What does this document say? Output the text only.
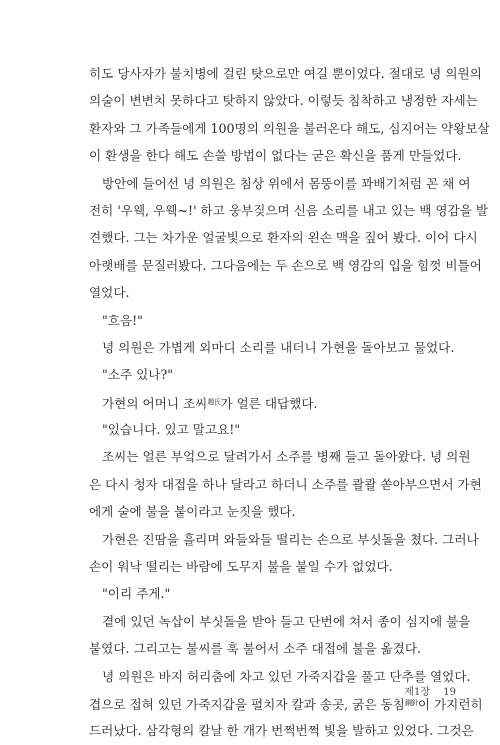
히도 당사자가 불치병에 걸린 탓으로만 여길 뿐이었다. 절대로 녕 의원의
의술이 변변치 못하다고 탓하지 않았다. 이렇듯 침착하고 냉정한 자세는
환자와 그 가족들에게 100명의 의원을 불러온다 해도, 심지어는 약왕보살
이 환생을 한다 해도 손쓸 방법이 없다는 굳은 확신을 품게 만들었다.
방안에 들어선 녕 의원은 침상 위에서 몸뚱이를 꽈배기처럼 꼰 채 여
전히 '우웩, 우웩~!' 하고 웅부짖으며 신음 소리를 내고 있는 백 영감을 발
견했다. 그는 차가운 얼굴빛으로 환자의 왼손 맥을 짚어 봤다. 이어 다시
아랫배를 문질러봤다. 그다음에는 두 손으로 백 영감의 입을 힘껏 비틀어
열었다.
"흐음!"
녕 의원은 가볍게 외마디 소리를 내더니 가현을 돌아보고 물었다.
"소주 있나?"
가현의 어머니 조씨$^{趙氏}$가 얼른 대답했다.
"있습니다. 있고 말고요!"
조씨는 얼른 부엌으로 달려가서 소주를 병째 들고 돌아왔다. 녕 의원
은 다시 청자 대접을 하나 달라고 하더니 소주를 콸콸 쏟아부으면서 가현
에게 술에 불을 붙이라고 눈짓을 했다.
가현은 진땀을 흘리며 와들와들 떨리는 손으로 부싯돌을 쳤다. 그러나
손이 워낙 떨리는 바람에 도무지 불을 붙일 수가 없었다.
"이리 주게."
곁에 있던 녹삽이 부싯돌을 받아 들고 단번에 쳐서 종이 심지에 불을
붙였다. 그리고는 불씨를 훅 불어서 소주 대접에 불을 옮겼다.
녕 의원은 바지 허리춤에 차고 있던 가죽지갑을 풀고 단추를 열었다.
겹으로 접혀 있던 가죽지갑을 펼치자 칼과 송곳, 굵은 동침$^{銅針}$이 가지런히
드러났다. 삼각형의 칼날 한 개가 번쩍번쩍 빛을 발하고 있었다. 그것은
제1장 19
